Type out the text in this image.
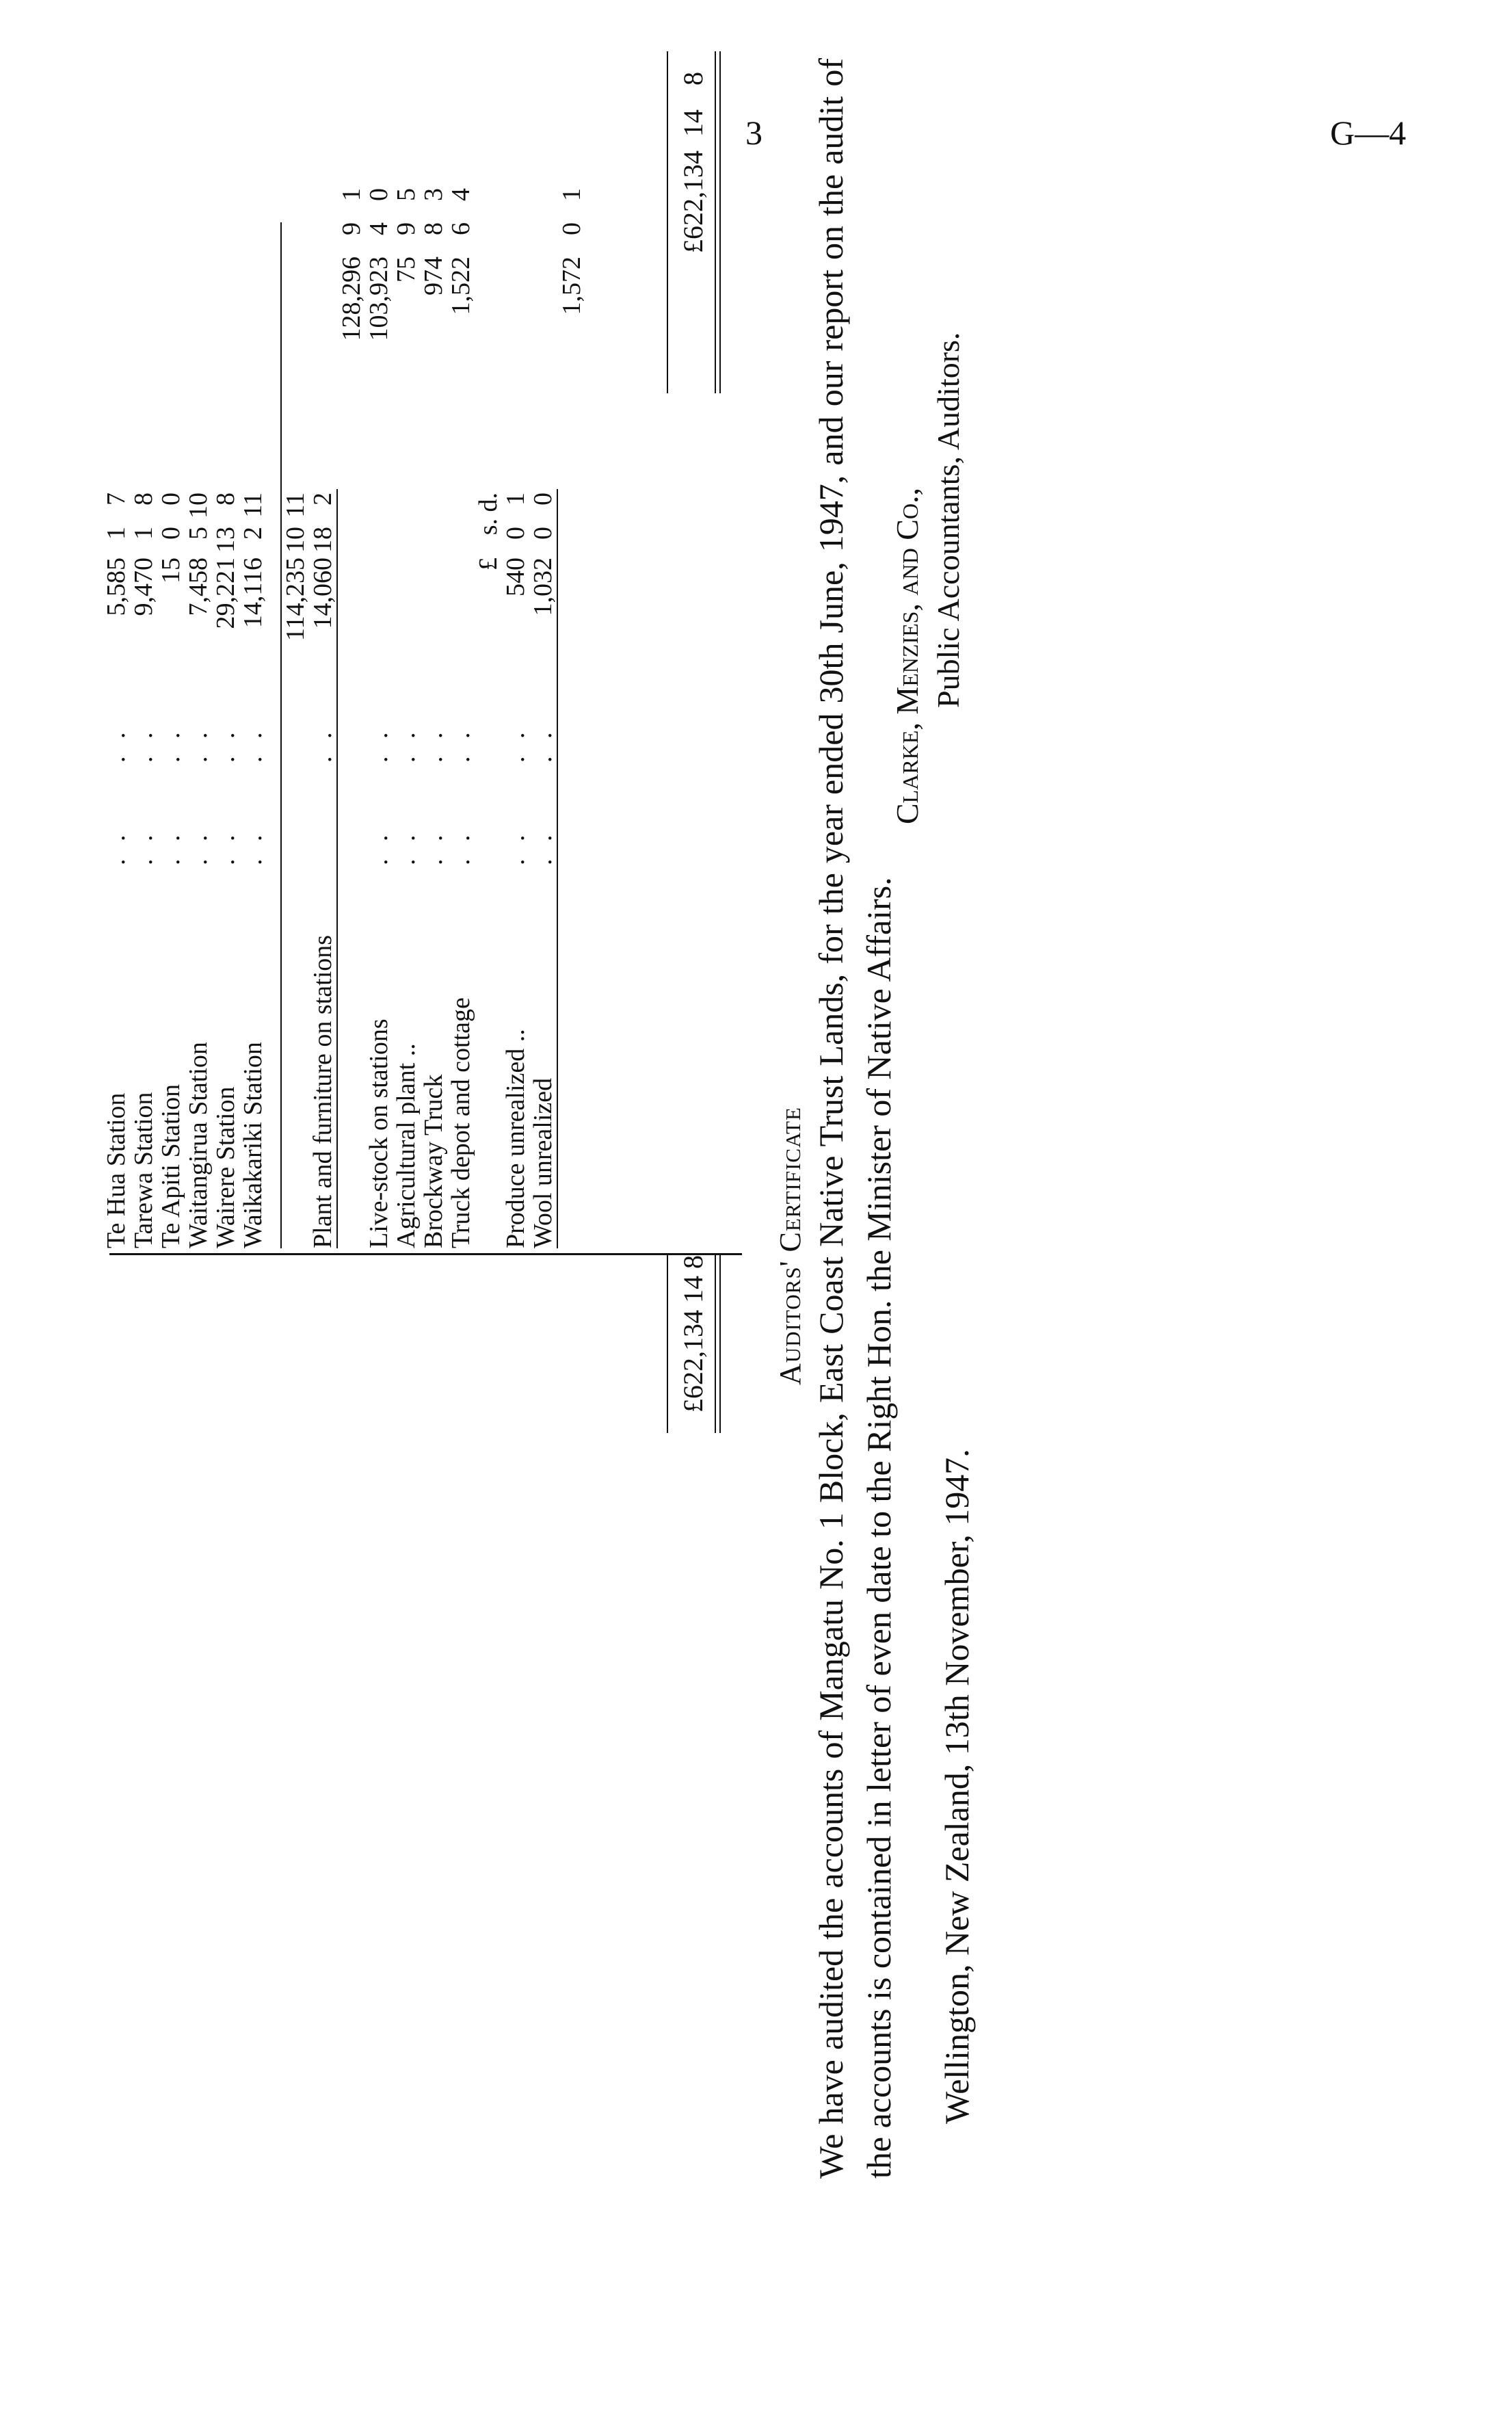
3	G—4
Te Hua Station
. .
. .
5,585
1
7
Tarewa Station
. .
. .
9,470
1
8
Te Apiti Station
. .
. .
15
0
0
Waitangirua Station
. .
. .
7,458
5
10
Wairere Station
. .
. .
29,221
13
8
Waikakariki Station
. .
. .
14,116
2
11
114,235
10
11
Plant and furniture on stations
. .
14,060
18
2
128,296
9
1
Live-stock on stations
. .
. .
103,923
4
0
Agricultural plant ..
. .
. .
75
9
5
Brockway Truck
. .
. .
974
8
3
Truck depot and cottage
. .
. .
1,522
6
4
£
s. d.
Produce unrealized ..
. .
. .
540
0
1
Wool unrealized
. .
. .
1,032
0
0
1,572
0
1
£622,134 14 8
£622,134
14
8
Auditors' Certificate We have audited the accounts of Mangatu No. 1 Block, East Coast Native Trust Lands, for the year ended 30th June, 1947, and our report on the audit of the accounts is contained in letter of even date to the Right Hon. the Minister of Native Affairs. Wellington, New Zealand, 13th November, 1947.
Clarke, Menzies, and Co., Public Accountants, Auditors.
